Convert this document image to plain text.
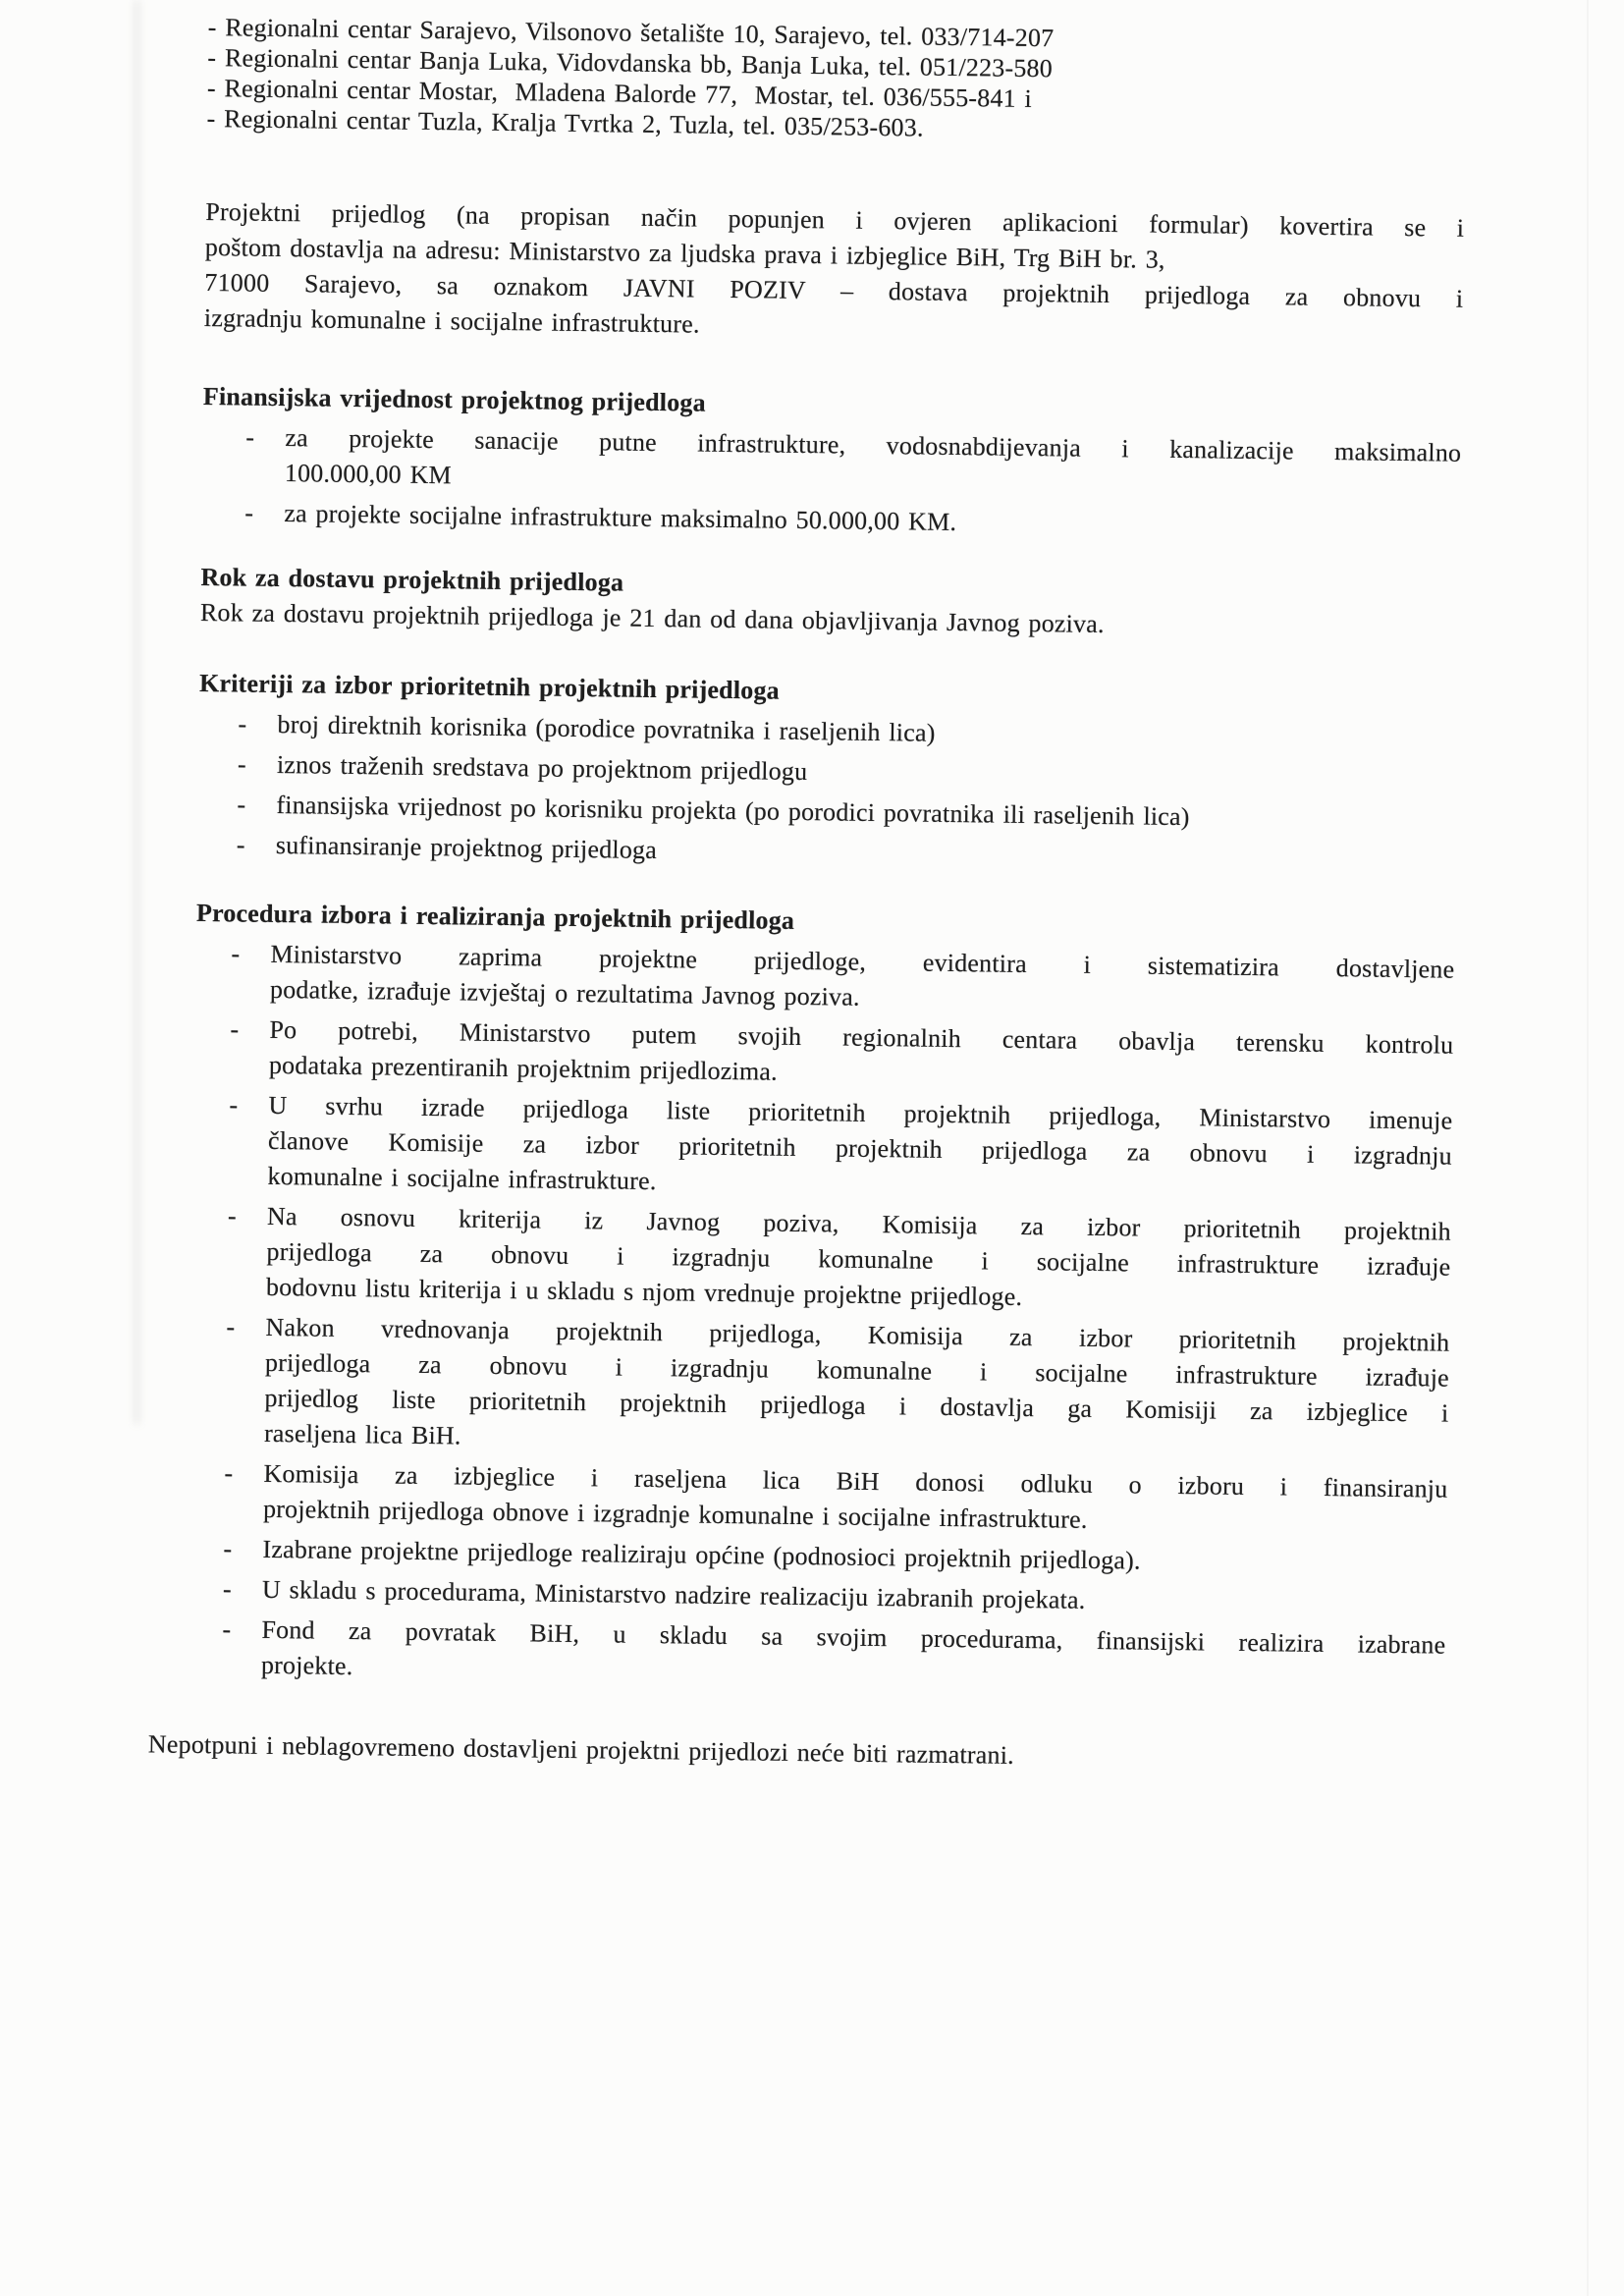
- Regionalni centar Sarajevo, Vilsonovo šetalište 10, Sarajevo, tel. 033/714-207
- Regionalni centar Banja Luka, Vidovdanska bb, Banja Luka, tel. 051/223-580
- Regionalni centar Mostar,  Mladena Balorde 77,  Mostar, tel. 036/555-841 i
- Regionalni centar Tuzla, Kralja Tvrtka 2, Tuzla, tel. 035/253-603.
Projektni prijedlog (na propisan način popunjen i ovjeren aplikacioni formular) kovertira se i
poštom dostavlja na adresu: Ministarstvo za ljudska prava i izbjeglice BiH, Trg BiH br. 3,
71000 Sarajevo, sa oznakom JAVNI POZIV – dostava projektnih prijedloga za obnovu i
izgradnju komunalne i socijalne infrastrukture.
Finansijska vrijednost projektnog prijedloga
- za projekte sanacije putne infrastrukture, vodosnabdijevanja i kanalizacije maksimalno
100.000,00 KM
- za projekte socijalne infrastrukture maksimalno 50.000,00 KM.
Rok za dostavu projektnih prijedloga
Rok za dostavu projektnih prijedloga je 21 dan od dana objavljivanja Javnog poziva.
Kriteriji za izbor prioritetnih projektnih prijedloga
- broj direktnih korisnika (porodice povratnika i raseljenih lica)
- iznos traženih sredstava po projektnom prijedlogu
- finansijska vrijednost po korisniku projekta (po porodici povratnika ili raseljenih lica)
- sufinansiranje projektnog prijedloga
Procedura izbora i realiziranja projektnih prijedloga
- Ministarstvo zaprima projektne prijedloge, evidentira i sistematizira dostavljene
podatke, izrađuje izvještaj o rezultatima Javnog poziva.
- Po potrebi, Ministarstvo putem svojih regionalnih centara obavlja terensku kontrolu
podataka prezentiranih projektnim prijedlozima.
- U svrhu izrade prijedloga liste prioritetnih projektnih prijedloga, Ministarstvo imenuje
članove Komisije za izbor prioritetnih projektnih prijedloga za obnovu i izgradnju
komunalne i socijalne infrastrukture.
- Na osnovu kriterija iz Javnog poziva, Komisija za izbor prioritetnih projektnih
prijedloga za obnovu i izgradnju komunalne i socijalne infrastrukture izrađuje
bodovnu listu kriterija i u skladu s njom vrednuje projektne prijedloge.
- Nakon vrednovanja projektnih prijedloga, Komisija za izbor prioritetnih projektnih
prijedloga za obnovu i izgradnju komunalne i socijalne infrastrukture izrađuje
prijedlog liste prioritetnih projektnih prijedloga i dostavlja ga Komisiji za izbjeglice i
raseljena lica BiH.
- Komisija za izbjeglice i raseljena lica BiH donosi odluku o izboru i finansiranju
projektnih prijedloga obnove i izgradnje komunalne i socijalne infrastrukture.
- Izabrane projektne prijedloge realiziraju općine (podnosioci projektnih prijedloga).
- U skladu s procedurama, Ministarstvo nadzire realizaciju izabranih projekata.
- Fond za povratak BiH, u skladu sa svojim procedurama, finansijski realizira izabrane
projekte.
Nepotpuni i neblagovremeno dostavljeni projektni prijedlozi neće biti razmatrani.
